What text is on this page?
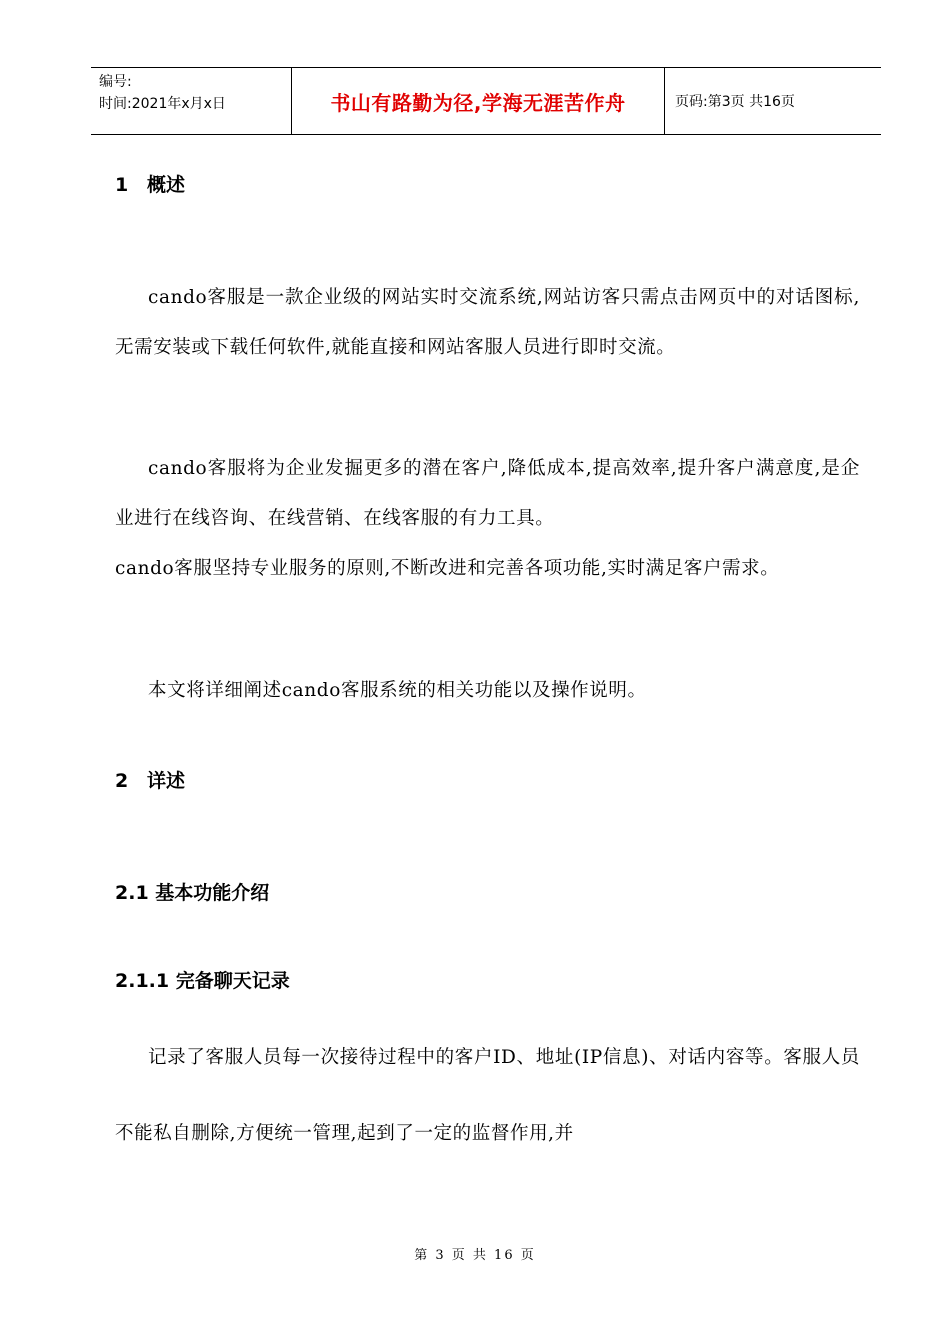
编号:
时间:2021年x月x日	书山有路勤为径,学海无涯苦作舟	页码:第3页 共16页
1 概述
cando客服是一款企业级的网站实时交流系统,网站访客只需点击网页中的对话图标,无需安装或下载任何软件,就能直接和网站客服人员进行即时交流。
cando客服将为企业发掘更多的潜在客户,降低成本,提高效率,提升客户满意度,是企业进行在线咨询、在线营销、在线客服的有力工具。
cando客服坚持专业服务的原则,不断改进和完善各项功能,实时满足客户需求。
本文将详细阐述cando客服系统的相关功能以及操作说明。
2 详述
2.1 基本功能介绍
2.1.1 完备聊天记录
记录了客服人员每一次接待过程中的客户ID、地址(IP信息)、对话内容等。客服人员不能私自删除,方便统一管理,起到了一定的监督作用,并
第 3 页 共 16 页
